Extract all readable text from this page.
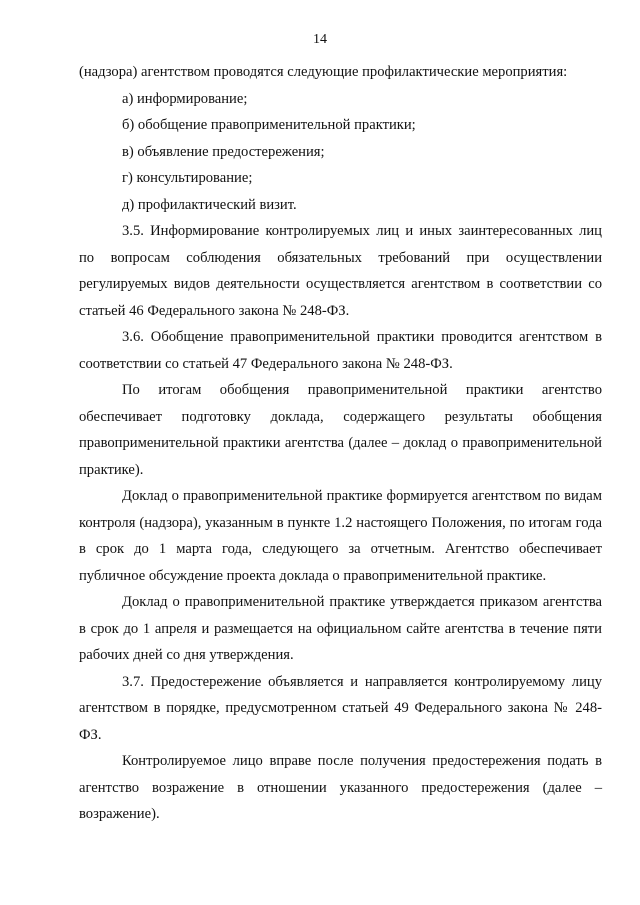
14

(надзора) агентством проводятся следующие профилактические мероприятия:

а) информирование;

б) обобщение правоприменительной практики;

в) объявление предостережения;

г) консультирование;

д) профилактический визит.

3.5. Информирование контролируемых лиц и иных заинтересованных лиц по вопросам соблюдения обязательных требований при осуществлении регулируемых видов деятельности осуществляется агентством в соответствии со статьей 46 Федерального закона № 248-ФЗ.

3.6. Обобщение правоприменительной практики проводится агентством в соответствии со статьей 47 Федерального закона № 248-ФЗ.

По итогам обобщения правоприменительной практики агентство обеспечивает подготовку доклада, содержащего результаты обобщения правоприменительной практики агентства (далее – доклад о правоприменительной практике).

Доклад о правоприменительной практике формируется агентством по видам контроля (надзора), указанным в пункте 1.2 настоящего Положения, по итогам года в срок до 1 марта года, следующего за отчетным. Агентство обеспечивает публичное обсуждение проекта доклада о правоприменительной практике.

Доклад о правоприменительной практике утверждается приказом агентства в срок до 1 апреля и размещается на официальном сайте агентства в течение пяти рабочих дней со дня утверждения.

3.7. Предостережение объявляется и направляется контролируемому лицу агентством в порядке, предусмотренном статьей 49 Федерального закона № 248-ФЗ.

Контролируемое лицо вправе после получения предостережения подать в агентство возражение в отношении указанного предостережения (далее – возражение).
